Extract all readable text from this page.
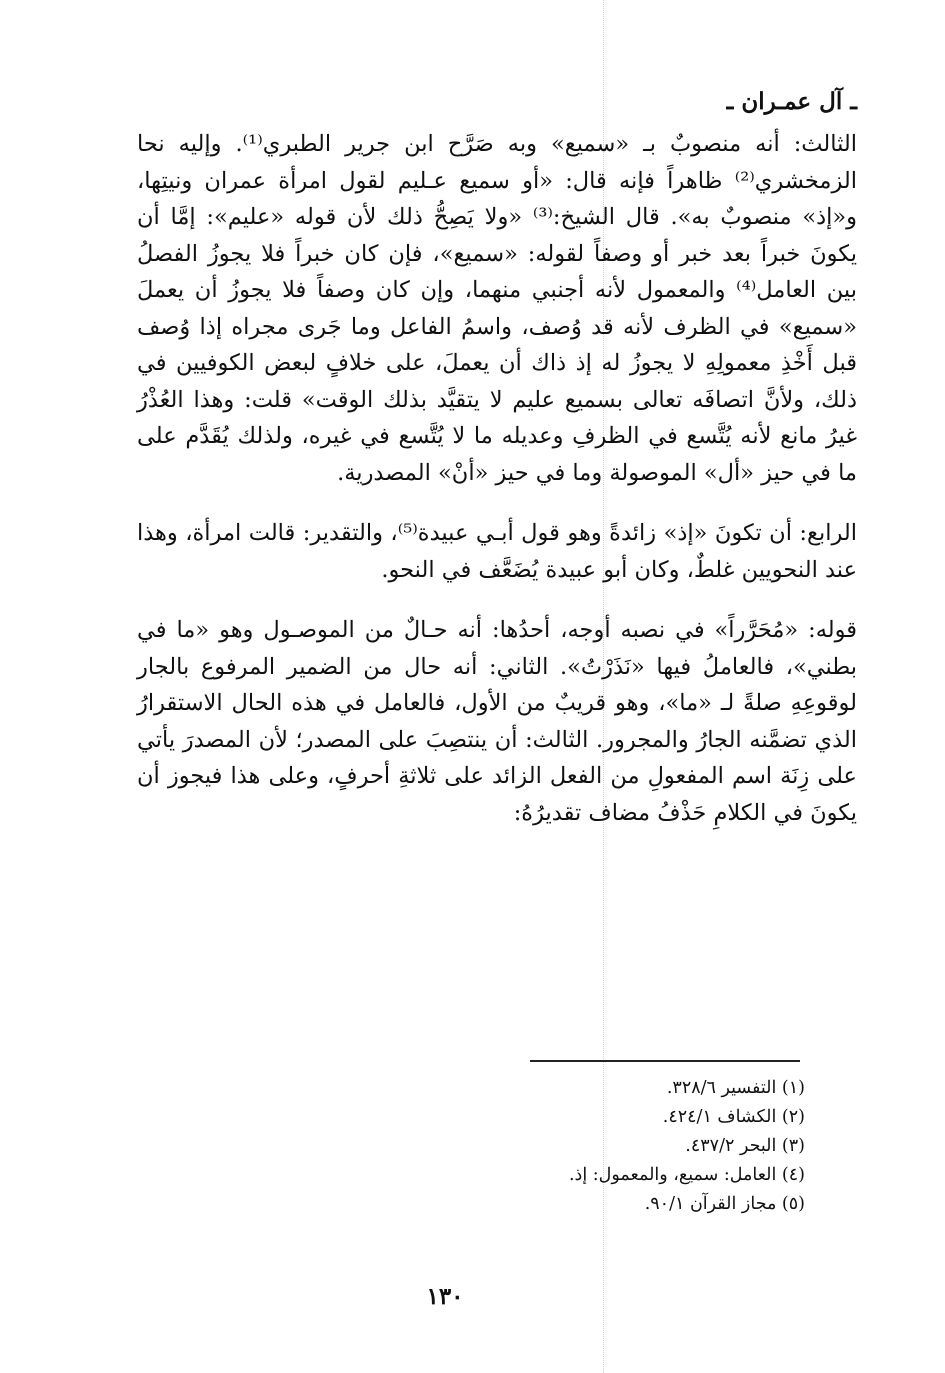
ـ آل عمـران ـ

الثالث: أنه منصوبٌ بـ «سميع» وبه صَرَّح ابن جرير الطبري⁽¹⁾. وإليه نحا الزمخشري⁽²⁾ ظاهراً فإنه قال: «أو سميع عـليم لقول امرأة عمران ونيتِها، و«إذ» منصوبٌ به». قال الشيخ:⁽³⁾ «ولا يَصِحُّ ذلك لأن قوله «عليم»: إمَّا أن يكونَ خبراً بعد خبر أو وصفاً لقوله: «سميع»، فإن كان خبراً فلا يجوزُ الفصلُ بين العامل⁽⁴⁾ والمعمول لأنه أجنبي منهما، وإن كان وصفاً فلا يجوزُ أن يعملَ «سميع» في الظرف لأنه قد وُصف، واسمُ الفاعل وما جَرى مجراه إذا وُصف قبل أَخْذِ معمولِهِ لا يجوزُ له إذ ذاك أن يعملَ، على خلافٍ لبعض الكوفيين في ذلك، ولأنَّ اتصافَه تعالى بسميع عليم لا يتقيَّد بذلك الوقت» قلت: وهذا العُذْرُ غيرُ مانع لأنه يُتَّسع في الظرفِ وعديله ما لا يُتَّسع في غيره، ولذلك يُقَدَّم على ما في حيز «أل» الموصولة وما في حيز «أنْ» المصدرية.

الرابع: أن تكونَ «إذ» زائدةً وهو قول أبـي عبيدة⁽⁵⁾، والتقدير: قالت امرأة، وهذا عند النحويين غلطٌ، وكان أبو عبيدة يُضَعَّف في النحو.

قوله: «مُحَرَّراً» في نصبه أوجه، أحدُها: أنه حـالٌ من الموصـول وهو «ما في بطني»، فالعاملُ فيها «نَذَرْتُ». الثاني: أنه حال من الضمير المرفوع بالجار لوقوعِهِ صلةً لـ «ما»، وهو قريبٌ من الأول، فالعامل في هذه الحال الاستقرارُ الذي تضمَّنه الجارُ والمجرور. الثالث: أن ينتصِبَ على المصدر؛ لأن المصدرَ يأتي على زِنَة اسم المفعولِ من الفعل الزائد على ثلاثةِ أحرفٍ، وعلى هذا فيجوز أن يكونَ في الكلامِ حَذْفُ مضاف تقديرُهُ:

(١) التفسير ٣٢٨/٦.
(٢) الكشاف ٤٢٤/١.
(٣) البحر ٤٣٧/٢.
(٤) العامل: سميع، والمعمول: إذ.
(٥) مجاز القرآن ٩٠/١.
١٣٠
